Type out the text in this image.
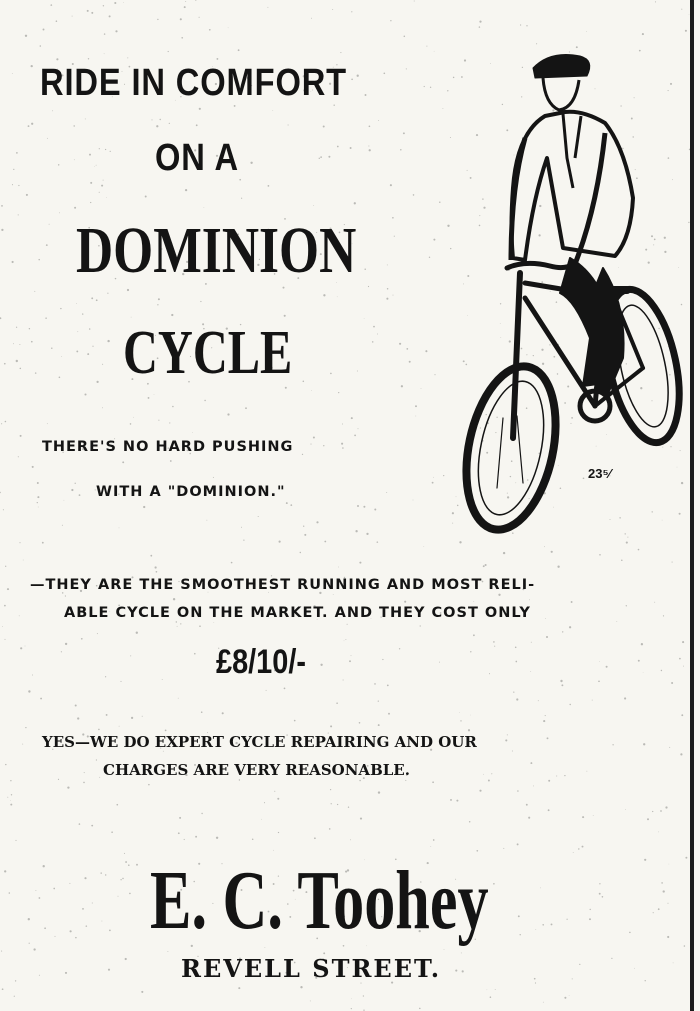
RIDE IN COMFORT

ON A

DOMINION

CYCLE

THERE'S NO HARD PUSHING

WITH A "DOMINION."

—THEY ARE THE SMOOTHEST RUNNING AND MOST RELI-

ABLE CYCLE ON THE MARKET. AND THEY COST ONLY

£8/10/-

YES—WE DO EXPERT CYCLE REPAIRING AND OUR

CHARGES ARE VERY REASONABLE.

E. C. Toohey

REVELL STREET.

23⁵⁄
